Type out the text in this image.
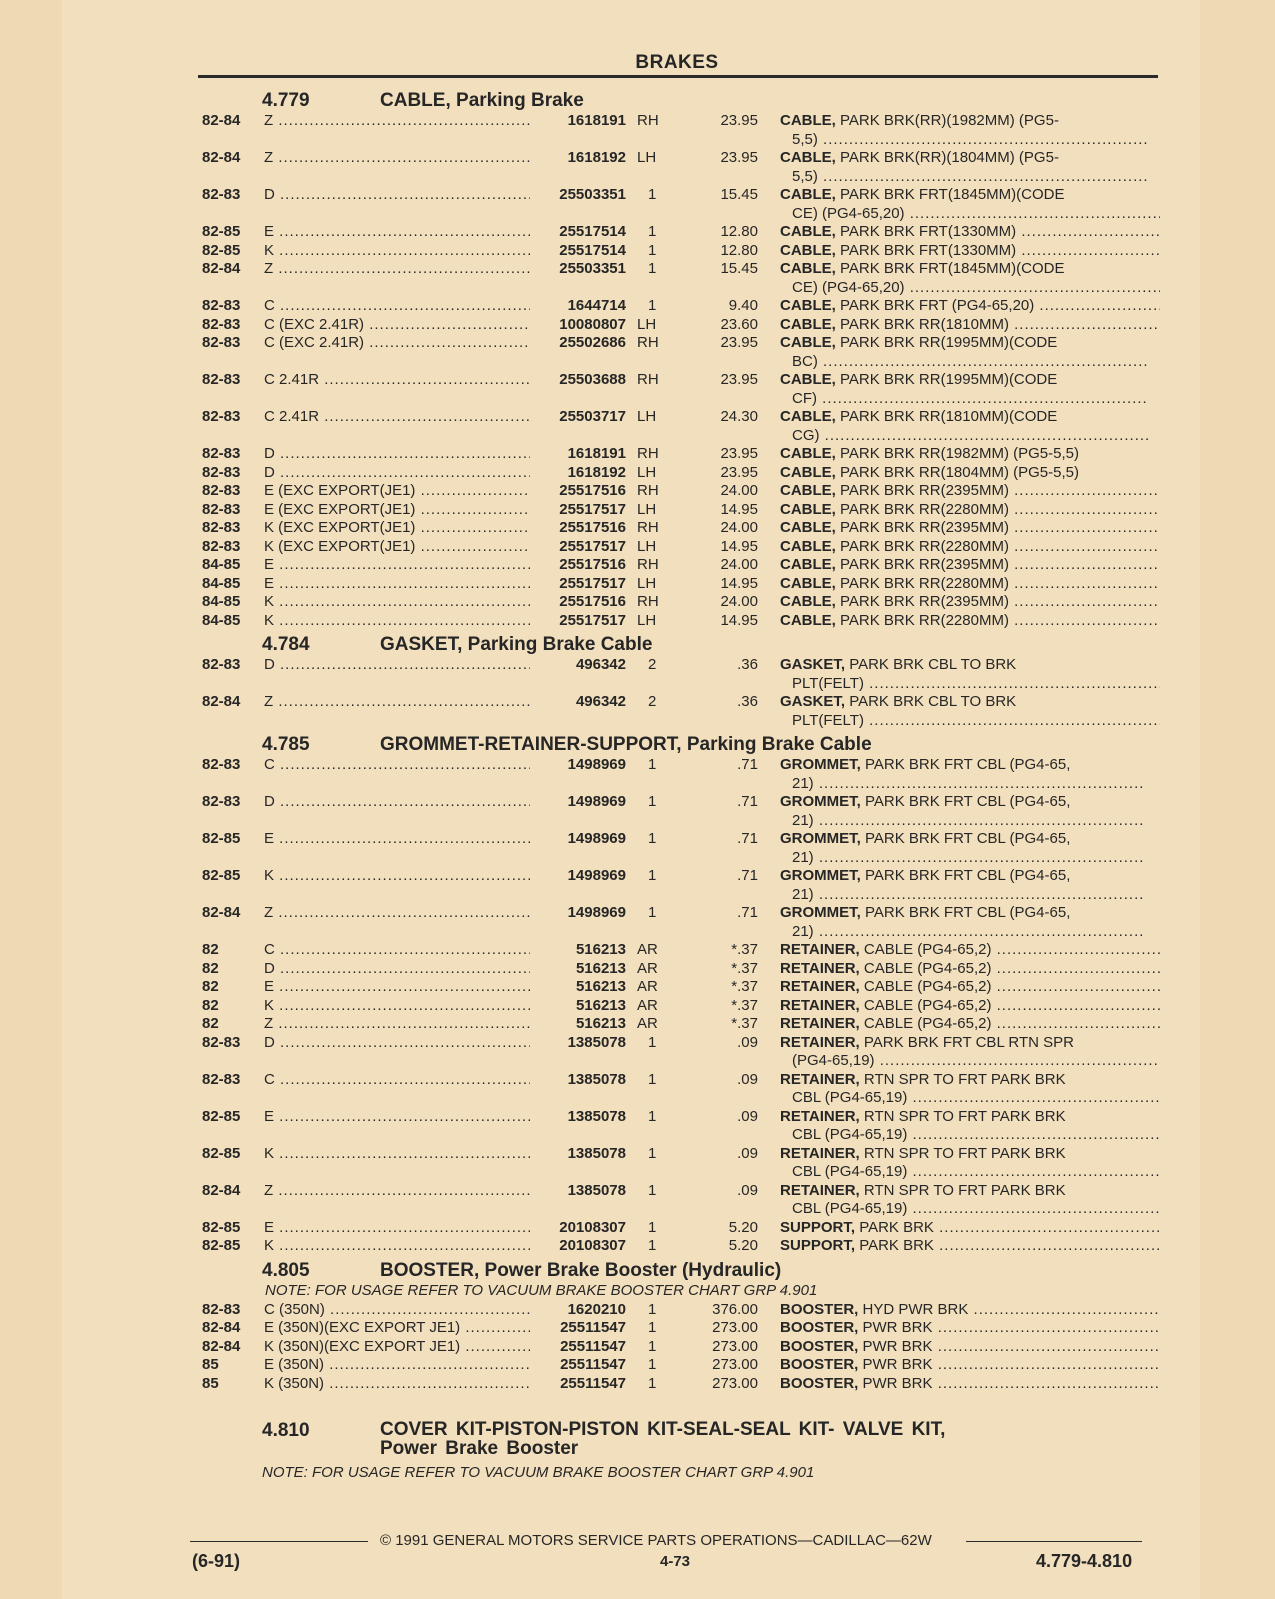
BRAKES
4.779	CABLE, Parking Brake
82-84 Z .....	1618191 RH	23.95 CABLE, PARK BRK(RR)(1982MM) (PG5-
5,5) .....
82-84 Z .....	1618192 LH	23.95 CABLE, PARK BRK(RR)(1804MM) (PG5-
5,5) .....
82-83 D .....	25503351 1	15.45 CABLE, PARK BRK FRT(1845MM)(CODE
CE) (PG4-65,20) .....
82-85 E .....	25517514 1	12.80 CABLE, PARK BRK FRT(1330MM) .....
82-85 K .....	25517514 1	12.80 CABLE, PARK BRK FRT(1330MM) .....
82-84 Z .....	25503351 1	15.45 CABLE, PARK BRK FRT(1845MM)(CODE
CE) (PG4-65,20) .....
82-83 C .....	1644714 1	9.40 CABLE, PARK BRK FRT (PG4-65,20) .....
82-83 C (EXC 2.41R) .....	10080807 LH	23.60 CABLE, PARK BRK RR(1810MM) .....
82-83 C (EXC 2.41R) .....	25502686 RH	23.95 CABLE, PARK BRK RR(1995MM)(CODE
BC) .....
82-83 C 2.41R .....	25503688 RH	23.95 CABLE, PARK BRK RR(1995MM)(CODE
CF) .....
82-83 C 2.41R .....	25503717 LH	24.30 CABLE, PARK BRK RR(1810MM)(CODE
CG) .....
82-83 D .....	1618191 RH	23.95 CABLE, PARK BRK RR(1982MM) (PG5-5,5)
82-83 D .....	1618192 LH	23.95 CABLE, PARK BRK RR(1804MM) (PG5-5,5)
82-83 E (EXC EXPORT(JE1) .....	25517516 RH	24.00 CABLE, PARK BRK RR(2395MM) .....
82-83 E (EXC EXPORT(JE1) .....	25517517 LH	14.95 CABLE, PARK BRK RR(2280MM) .....
82-83 K (EXC EXPORT(JE1) .....	25517516 RH	24.00 CABLE, PARK BRK RR(2395MM) .....
82-83 K (EXC EXPORT(JE1) .....	25517517 LH	14.95 CABLE, PARK BRK RR(2280MM) .....
84-85 E .....	25517516 RH	24.00 CABLE, PARK BRK RR(2395MM) .....
84-85 E .....	25517517 LH	14.95 CABLE, PARK BRK RR(2280MM) .....
84-85 K .....	25517516 RH	24.00 CABLE, PARK BRK RR(2395MM) .....
84-85 K .....	25517517 LH	14.95 CABLE, PARK BRK RR(2280MM) .....
4.784	GASKET, Parking Brake Cable
82-83 D .....	496342 2	.36 GASKET, PARK BRK CBL TO BRK
PLT(FELT) .....
82-84 Z .....	496342 2	.36 GASKET, PARK BRK CBL TO BRK
PLT(FELT) .....
4.785	GROMMET-RETAINER-SUPPORT, Parking Brake Cable
82-83 C .....	1498969 1	.71 GROMMET, PARK BRK FRT CBL (PG4-65,
21) .....
82-83 D .....	1498969 1	.71 GROMMET, PARK BRK FRT CBL (PG4-65,
21) .....
82-85 E .....	1498969 1	.71 GROMMET, PARK BRK FRT CBL (PG4-65,
21) .....
82-85 K .....	1498969 1	.71 GROMMET, PARK BRK FRT CBL (PG4-65,
21) .....
82-84 Z .....	1498969 1	.71 GROMMET, PARK BRK FRT CBL (PG4-65,
21) .....
82	C .....	516213 AR	*.37 RETAINER, CABLE (PG4-65,2) .....
82	D .....	516213 AR	*.37 RETAINER, CABLE (PG4-65,2) .....
82	E .....	516213 AR	*.37 RETAINER, CABLE (PG4-65,2) .....
82	K .....	516213 AR	*.37 RETAINER, CABLE (PG4-65,2) .....
82	Z .....	516213 AR	*.37 RETAINER, CABLE (PG4-65,2) .....
82-83 D .....	1385078 1	.09 RETAINER, PARK BRK FRT CBL RTN SPR
(PG4-65,19) .....
82-83 C .....	1385078 1	.09 RETAINER, RTN SPR TO FRT PARK BRK
CBL (PG4-65,19) .....
82-85 E .....	1385078 1	.09 RETAINER, RTN SPR TO FRT PARK BRK
CBL (PG4-65,19) .....
82-85 K .....	1385078 1	.09 RETAINER, RTN SPR TO FRT PARK BRK
CBL (PG4-65,19) .....
82-84 Z .....	1385078 1	.09 RETAINER, RTN SPR TO FRT PARK BRK
CBL (PG4-65,19) .....
82-85 E .....	20108307 1	5.20 SUPPORT, PARK BRK .....
82-85 K .....	20108307 1	5.20 SUPPORT, PARK BRK .....
4.805	BOOSTER, Power Brake Booster (Hydraulic)
NOTE: FOR USAGE REFER TO VACUUM BRAKE BOOSTER CHART GRP 4.901
82-83 C (350N) .....	1620210 1	376.00 BOOSTER, HYD PWR BRK .....
82-84 E (350N)(EXC EXPORT JE1) .....	25511547 1	273.00 BOOSTER, PWR BRK .....
82-84 K (350N)(EXC EXPORT JE1) .....	25511547 1	273.00 BOOSTER, PWR BRK .....
85	E (350N) .....	25511547 1	273.00 BOOSTER, PWR BRK .....
85	K (350N) .....	25511547 1	273.00 BOOSTER, PWR BRK .....
4.810	COVER KIT-PISTON-PISTON KIT-SEAL-SEAL KIT- VALVE KIT,
Power Brake Booster
NOTE: FOR USAGE REFER TO VACUUM BRAKE BOOSTER CHART GRP 4.901
© 1991 GENERAL MOTORS SERVICE PARTS OPERATIONS—CADILLAC—62W
(6-91)	4-73	4.779-4.810
